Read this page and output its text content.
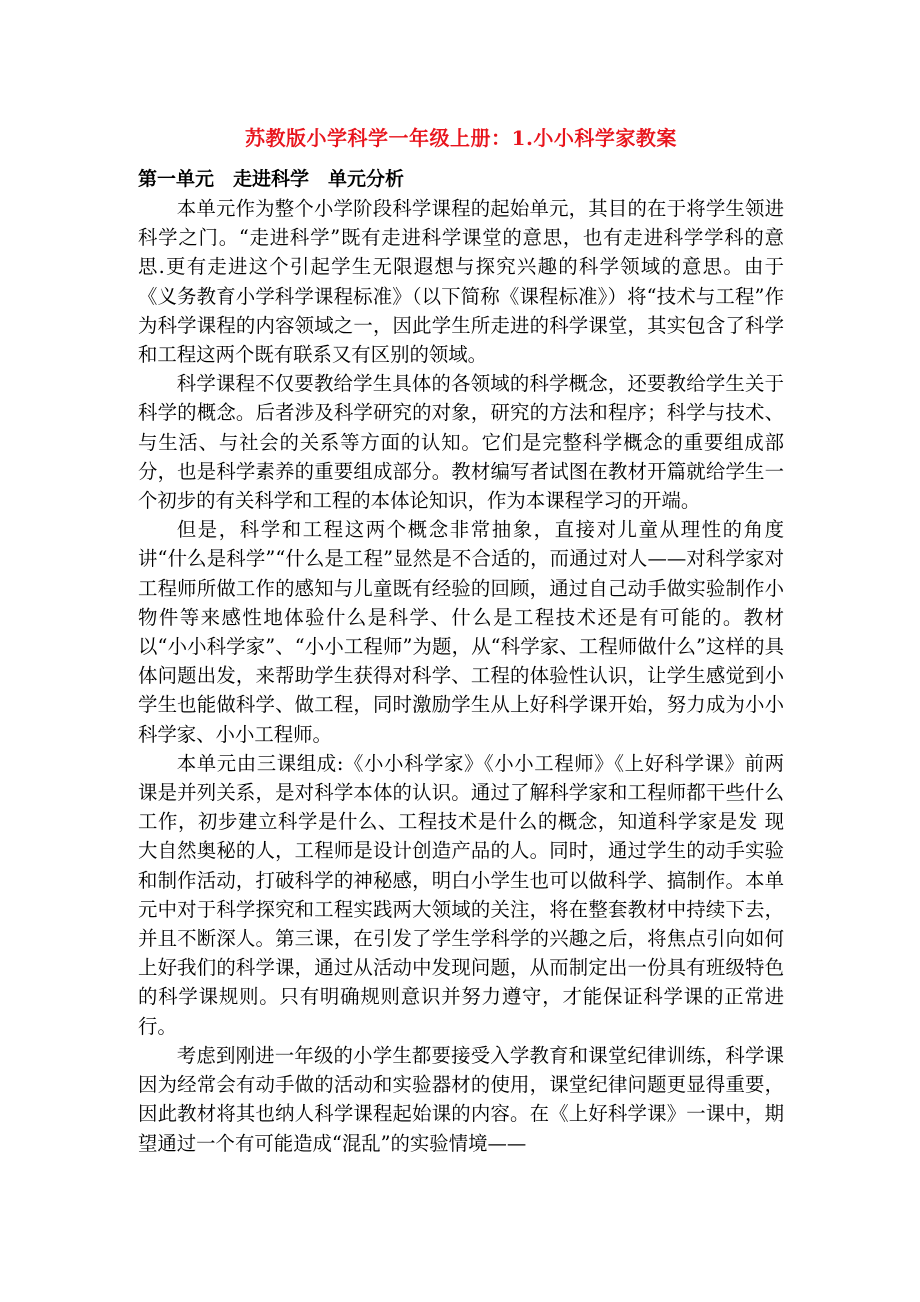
苏教版小学科学一年级上册：1.小小科学家教案
第一单元　走进科学　单元分析

本单元作为整个小学阶段科学课程的起始单元，其目的在于将学生领进科学之门。“走进科学”既有走进科学课堂的意思，也有走进科学学科的意思.更有走进这个引起学生无限遐想与探究兴趣的科学领域的意思。由于《义务教育小学科学课程标准》（以下简称《课程标准》）将“技术与工程”作为科学课程的内容领域之一，因此学生所走进的科学课堂，其实包含了科学和工程这两个既有联系又有区别的领域。

科学课程不仅要教给学生具体的各领域的科学概念，还要教给学生关于科学的概念。后者涉及科学研究的对象，研究的方法和程序；科学与技术、与生活、与社会的关系等方面的认知。它们是完整科学概念的重要组成部分，也是科学素养的重要组成部分。教材编写者试图在教材开篇就给学生一个初步的有关科学和工程的本体论知识，作为本课程学习的开端。

但是，科学和工程这两个概念非常抽象，直接对儿童从理性的角度讲“什么是科学”“什么是工程”显然是不合适的，而通过对人——对科学家对工程师所做工作的感知与儿童既有经验的回顾，通过自己动手做实验制作小物件等来感性地体验什么是科学、什么是工程技术还是有可能的。教材以“小小科学家”、“小小工程师”为题，从“科学家、工程师做什么”这样的具体问题出发，来帮助学生获得对科学、工程的体验性认识，让学生感觉到小学生也能做科学、做工程，同时激励学生从上好科学课开始，努力成为小小科学家、小小工程师。

本单元由三课组成:《小小科学家》《小小工程师》《上好科学课》前两课是并列关系，是对科学本体的认识。通过了解科学家和工程师都干些什么工作，初步建立科学是什么、工程技术是什么的概念，知道科学家是发 现大自然奥秘的人，工程师是设计创造产品的人。同时，通过学生的动手实验和制作活动，打破科学的神秘感，明白小学生也可以做科学、搞制作。本单元中对于科学探究和工程实践两大领域的关注，将在整套教材中持续下去，并且不断深人。第三课，在引发了学生学科学的兴趣之后，将焦点引向如何上好我们的科学课，通过从活动中发现问题，从而制定出一份具有班级特色的科学课规则。只有明确规则意识并努力遵守，才能保证科学课的正常进行。

考虑到刚进一年级的小学生都要接受入学教育和课堂纪律训练，科学课因为经常会有动手做的活动和实验器材的使用，课堂纪律问题更显得重要，因此教材将其也纳人科学课程起始课的内容。在《上好科学课》一课中，期望通过一个有可能造成“混乱”的实验情境——
